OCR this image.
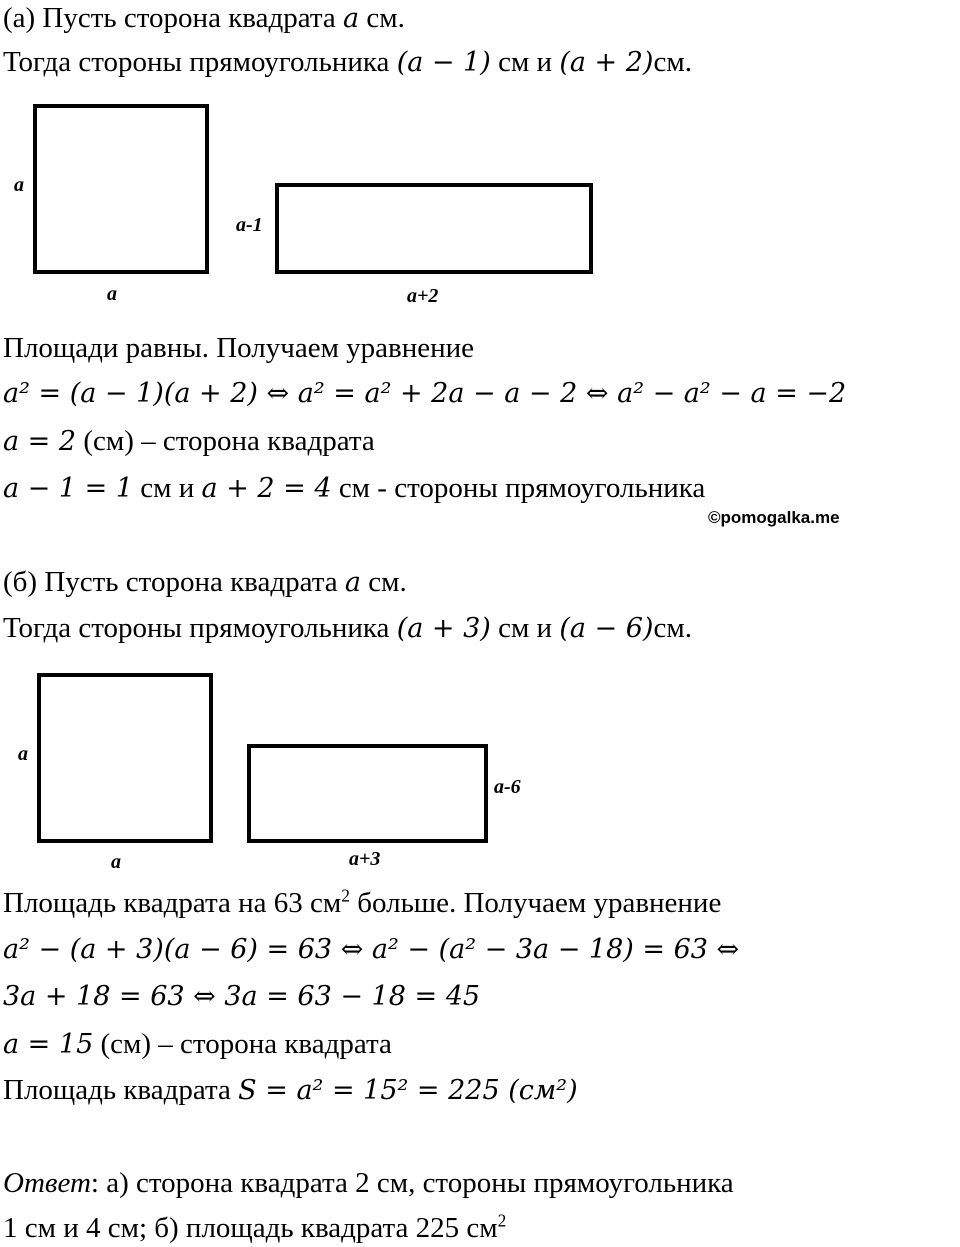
(а) Пусть сторона квадрата a см.
Тогда стороны прямоугольника (a − 1) см и (a + 2)см.
a
a
a-1
a+2
Площади равны. Получаем уравнение
a² = (a − 1)(a + 2) ⇔ a² = a² + 2a − a − 2 ⇔ a² − a² − a = −2
a = 2 (см) – сторона квадрата
a − 1 = 1 см и a + 2 = 4 см - стороны прямоугольника
©pomogalka.me
(б) Пусть сторона квадрата a см.
Тогда стороны прямоугольника (a + 3) см и (a − 6)см.
a
a
a-6
a+3
Площадь квадрата на 63 $см^2$ больше. Получаем уравнение
a² − (a + 3)(a − 6) = 63 ⇔ a² − (a² − 3a − 18) = 63 ⇔
3a + 18 = 63 ⇔ 3a = 63 − 18 = 45
a = 15 (см) – сторона квадрата
Площадь квадрата S = a² = 15² = 225 (см²)
Ответ: а) сторона квадрата 2 см, стороны прямоугольника
1 см и 4 см; б) площадь квадрата 225 $см^2$
